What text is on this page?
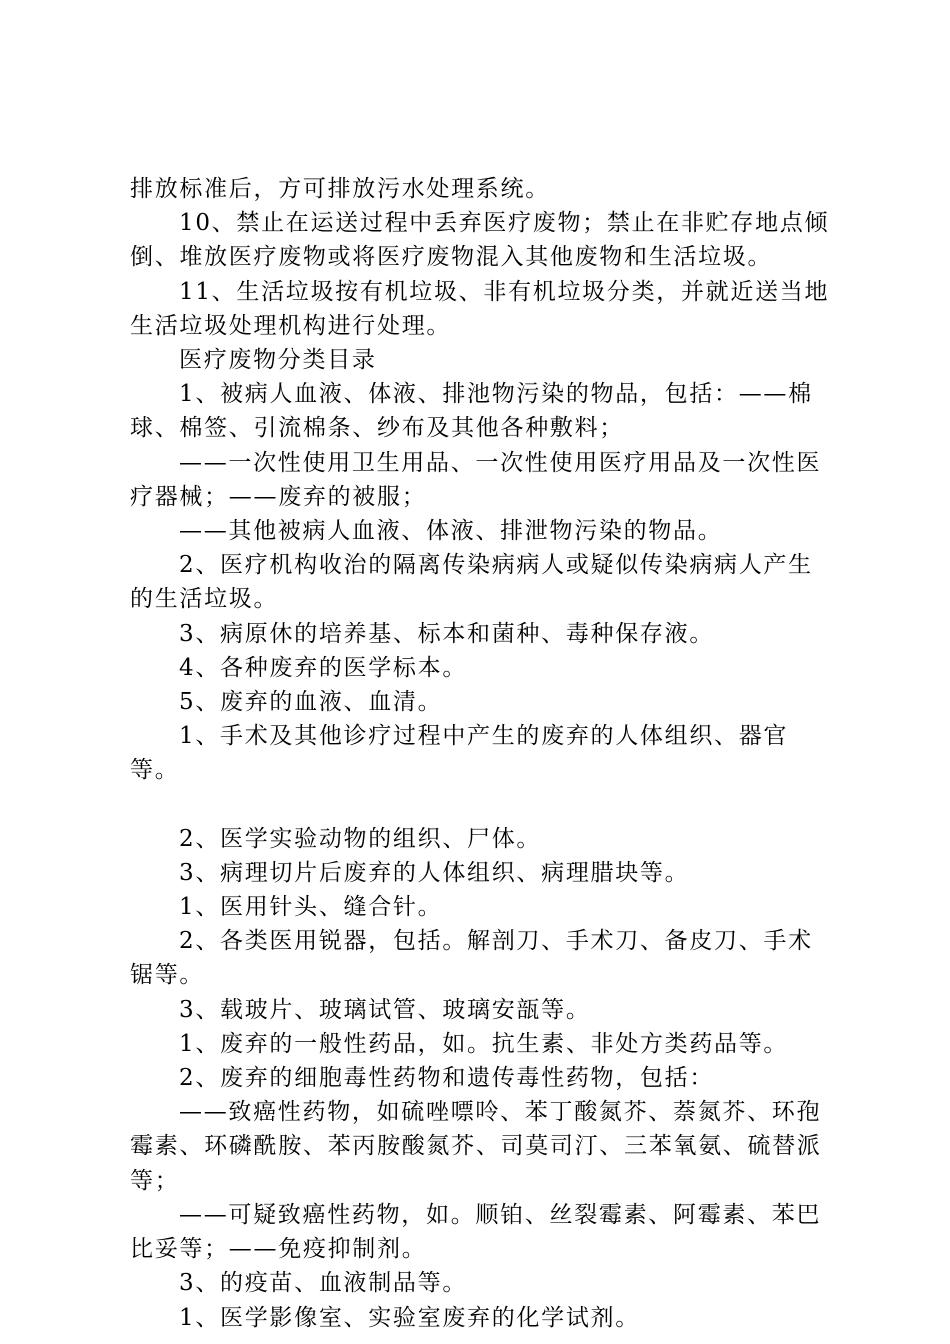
排放标准后，方可排放污水处理系统。

10、禁止在运送过程中丢弃医疗废物；禁止在非贮存地点倾倒、堆放医疗废物或将医疗废物混入其他废物和生活垃圾。

11、生活垃圾按有机垃圾、非有机垃圾分类，并就近送当地生活垃圾处理机构进行处理。

医疗废物分类目录

1、被病人血液、体液、排池物污染的物品，包括：——棉球、棉签、引流棉条、纱布及其他各种敷料；

——一次性使用卫生用品、一次性使用医疗用品及一次性医疗器械；——废弃的被服；

——其他被病人血液、体液、排泄物污染的物品。

2、医疗机构收治的隔离传染病病人或疑似传染病病人产生的生活垃圾。

3、病原休的培养基、标本和菌种、毒种保存液。

4、各种废弃的医学标本。

5、废弃的血液、血清。

1、手术及其他诊疗过程中产生的废弃的人体组织、器官等。

2、医学实验动物的组织、尸体。

3、病理切片后废弃的人体组织、病理腊块等。

1、医用针头、缝合针。

2、各类医用锐器，包括。解剖刀、手术刀、备皮刀、手术锯等。

3、载玻片、玻璃试管、玻璃安瓿等。

1、废弃的一般性药品，如。抗生素、非处方类药品等。

2、废弃的细胞毒性药物和遗传毒性药物，包括：

——致癌性药物，如硫唑嘌呤、苯丁酸氮芥、萘氮芥、环孢霉素、环磷酰胺、苯丙胺酸氮芥、司莫司汀、三苯氧氨、硫替派等；

——可疑致癌性药物，如。顺铂、丝裂霉素、阿霉素、苯巴比妥等；——免疫抑制剂。

3、的疫苗、血液制品等。

1、医学影像室、实验室废弃的化学试剂。
